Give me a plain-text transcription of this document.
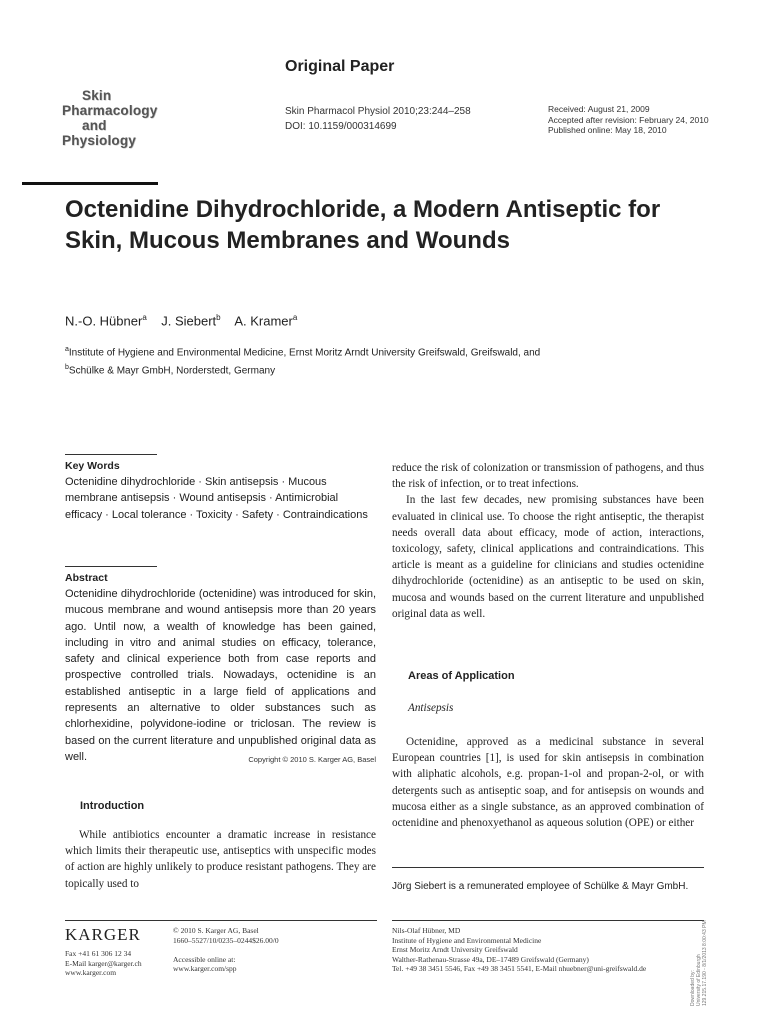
Skin
Pharmacology
and
Physiology
Original Paper
Skin Pharmacol Physiol 2010;23:244–258
DOI: 10.1159/000314699
Received: August 21, 2009
Accepted after revision: February 24, 2010
Published online: May 18, 2010
Octenidine Dihydrochloride, a Modern Antiseptic for Skin, Mucous Membranes and Wounds
N.-O. Hübner$^a$ J. Siebert$^b$ A. Kramer$^a$
$^a$Institute of Hygiene and Environmental Medicine, Ernst Moritz Arndt University Greifswald, Greifswald, and
$^b$Schülke & Mayr GmbH, Norderstedt, Germany
Key Words
Octenidine dihydrochloride · Skin antisepsis · Mucous membrane antisepsis · Wound antisepsis · Antimicrobial efficacy · Local tolerance · Toxicity · Safety · Contraindications
Abstract
Octenidine dihydrochloride (octenidine) was introduced for skin, mucous membrane and wound antisepsis more than 20 years ago. Until now, a wealth of knowledge has been gained, including in vitro and animal studies on efficacy, tolerance, safety and clinical experience both from case reports and prospective controlled trials. Nowadays, octenidine is an established antiseptic in a large field of applications and represents an alternative to older substances such as chlorhexidine, polyvidone-iodine or triclosan. The review is based on the current literature and unpublished original data as well.	Copyright © 2010 S. Karger AG, Basel
Introduction

While antibiotics encounter a dramatic increase in resistance which limits their therapeutic use, antiseptics with unspecific modes of action are highly unlikely to produce resistant pathogens. They are topically used to

reduce the risk of colonization or transmission of pathogens, and thus the risk of infection, or to treat infections.

In the last few decades, new promising substances have been evaluated in clinical use. To choose the right antiseptic, the therapist needs overall data about efficacy, mode of action, interactions, toxicology, safety, clinical applications and contraindications. This article is meant as a guideline for clinicians and studies octenidine dihydrochloride (octenidine) as an antiseptic to be used on skin, mucosa and wounds based on the current literature and unpublished original data as well.

Areas of Application
Antisepsis
Octenidine, approved as a medicinal substance in several European countries [1], is used for skin antisepsis in combination with aliphatic alcohols, e.g. propan-1-ol and propan-2-ol, or with detergents such as antiseptic soap, and for antisepsis on wounds and mucosa either as a single substance, as an approved combination of octenidine and phenoxyethanol as aqueous solution (OPE) or either
Jörg Siebert is a remunerated employee of Schülke & Mayr GmbH.
KARGER
Fax +41 61 306 12 34
E-Mail karger@karger.ch
www.karger.com
© 2010 S. Karger AG, Basel
1660–5527/10/0235–0244$26.00/0
Accessible online at:
www.karger.com/spp
Nils-Olaf Hübner, MD
Institute of Hygiene and Environmental Medicine
Ernst Moritz Arndt University Greifswald
Walther-Rathenau-Strasse 49a, DE–17489 Greifswald (Germany)
Tel. +49 38 3451 5546, Fax +49 38 3451 5541, E-Mail nhuebner@uni-greifswald.de
Downloaded by: University of Edinburgh 129.215.17.190 - 8/1/2013 8:00:43 PM
